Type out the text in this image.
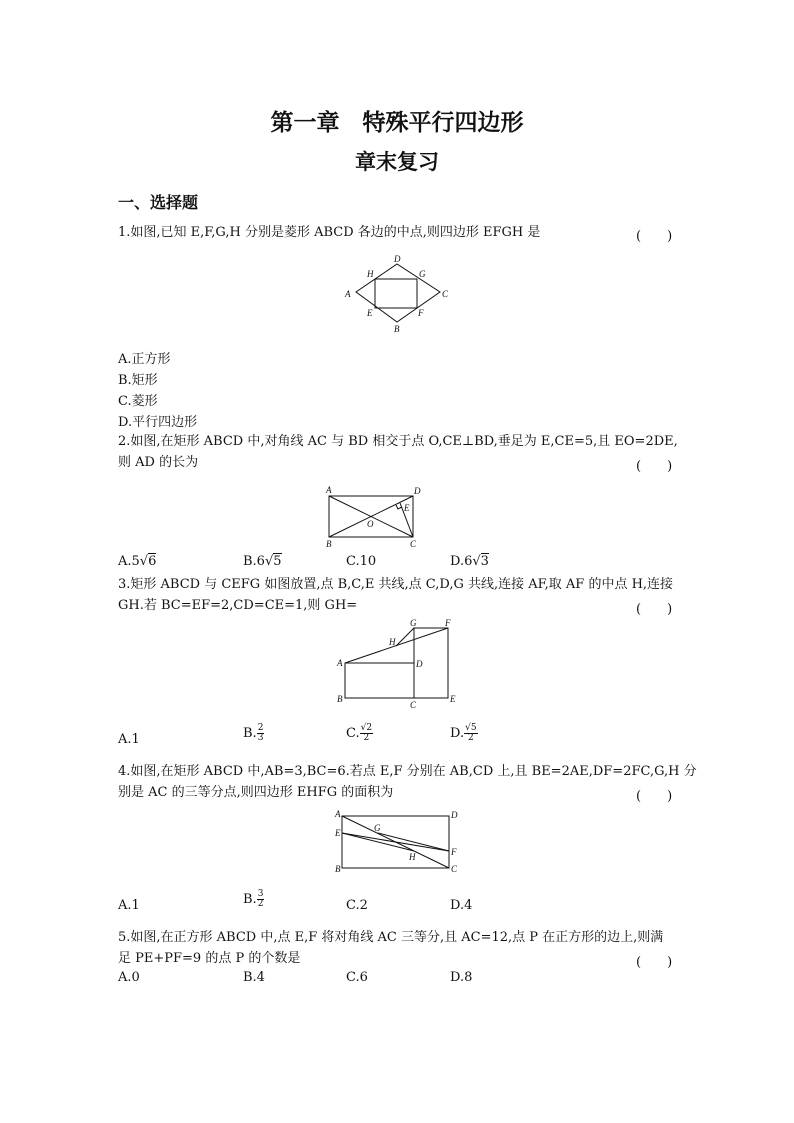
第一章　特殊平行四边形
章末复习
一、选择题
1.如图,已知 E,F,G,H 分别是菱形 ABCD 各边的中点,则四边形 EFGH 是	(　　)
A
B
C
D
E	F
G
H
A.正方形
B.矩形
C.菱形
D.平行四边形
2.如图,在矩形 ABCD 中,对角线 AC 与 BD 相交于点 O,CE⊥BD,垂足为 E,CE=5,且 EO=2DE,
则 AD 的长为	(　　)
A
B	C
D
E
O
A.5√6	B.6√5	C.10	D.6√3
3.矩形 ABCD 与 CEFG 如图放置,点 B,C,E 共线,点 C,D,G 共线,连接 AF,取 AF 的中点 H,连接
GH.若 BC=EF=2,CD=CE=1,则 GH=	(　　)
A
B
C
D
E
F
G
H
A.1	B. $\frac{2}{3}$	C. $\frac{√2}{2}$	D. $\frac{√5}{2}$
4.如图,在矩形 ABCD 中,AB=3,BC=6.若点 E,F 分别在 AB,CD 上,且 BE=2AE,DF=2FC,G,H 分
别是 AC 的三等分点,则四边形 EHFG 的面积为	(　　)
A
B	C
D
E
F
G
H
A.1	B. $\frac{3}{2}$	C.2	D.4
5.如图,在正方形 ABCD 中,点 E,F 将对角线 AC 三等分,且 AC=12,点 P 在正方形的边上,则满
足 PE+PF=9 的点 P 的个数是	(　　)
A.0	B.4	C.6	D.8
